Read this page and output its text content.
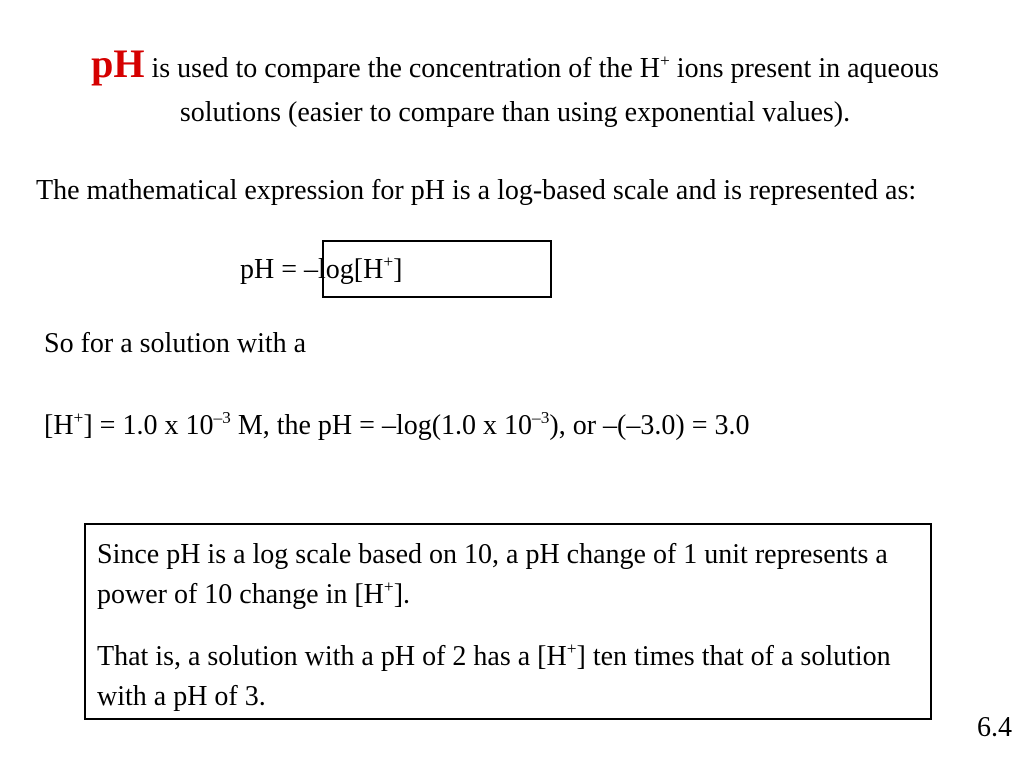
pH is used to compare the concentration of the H+ ions present in aqueous solutions (easier to compare than using exponential values).
The mathematical expression for pH is a log-based scale and is represented as:
pH = –log[H+]
So for a solution with a
[H+] = 1.0 x $10^{-3}$ M, the pH = –log(1.0 x $10^{-3}$), or –(–3.0) = 3.0

Since pH is a log scale based on 10, a pH change of 1 unit represents a power of 10 change in [H+].

That is, a solution with a pH of 2 has a [H+] ten times that of a solution with a pH of 3.

6.4
